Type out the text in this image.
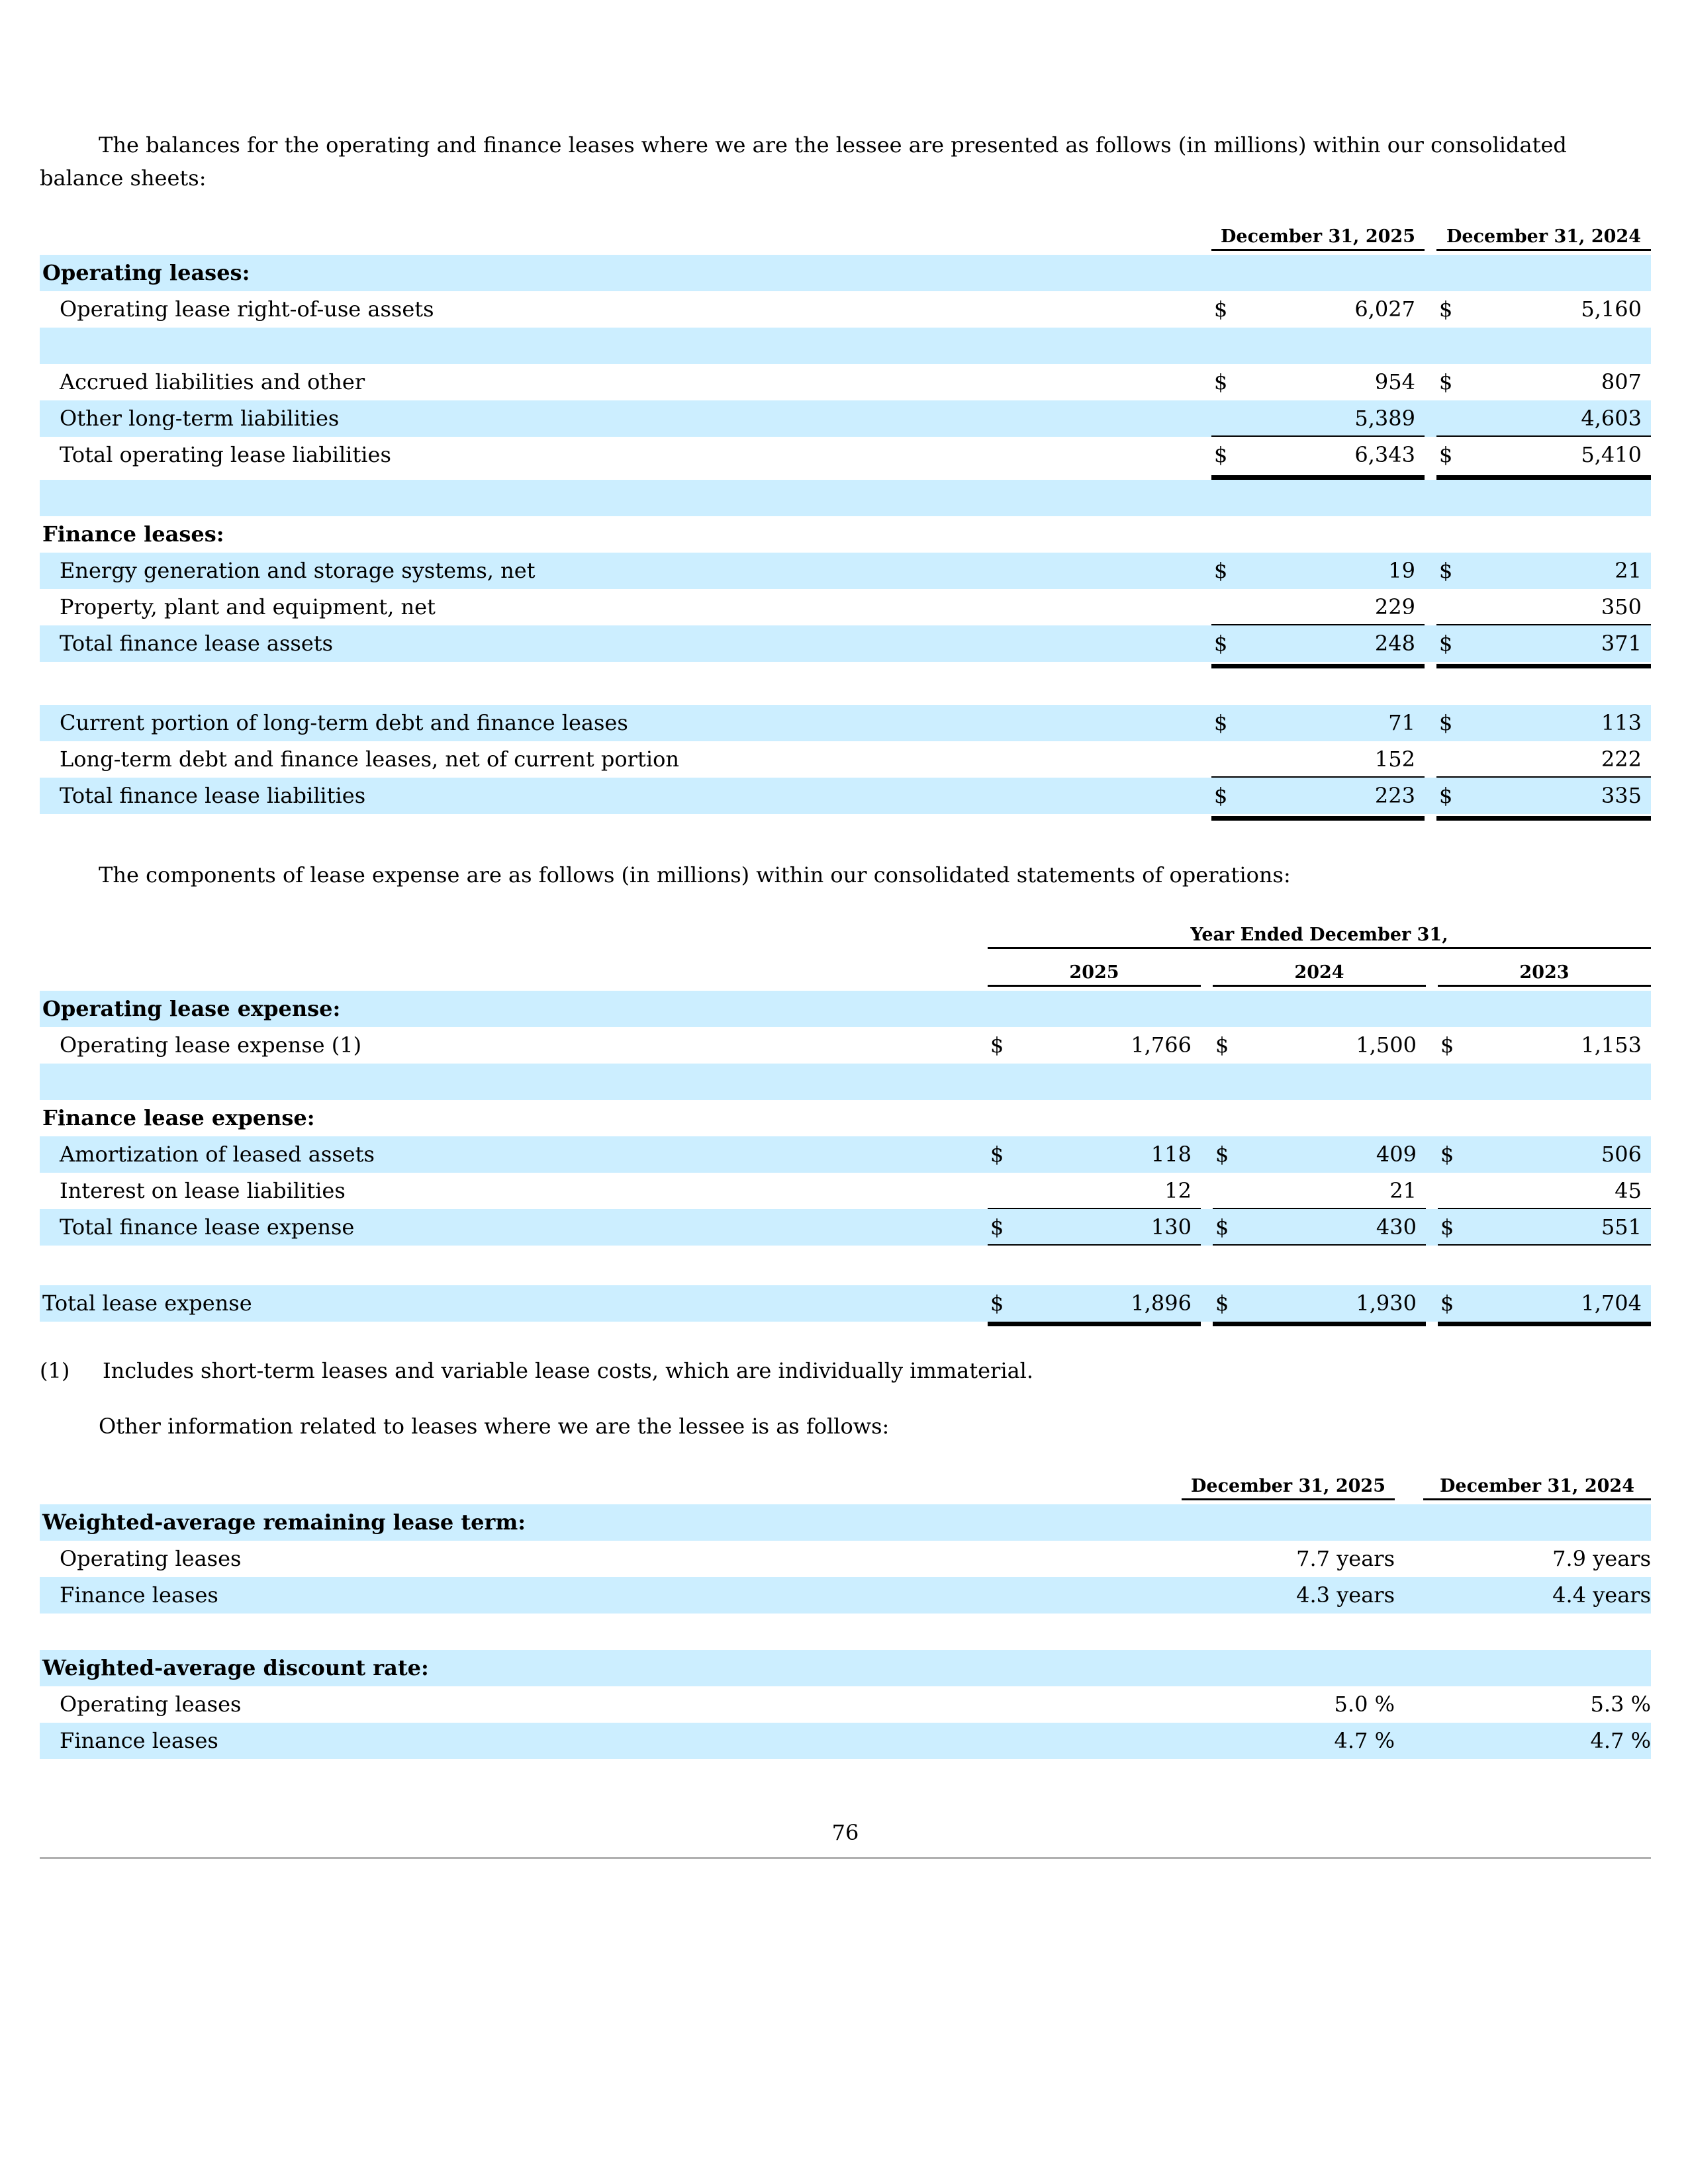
The balances for the operating and finance leases where we are the lessee are presented as follows (in millions) within our consolidated balance sheets:

December 31, 2025	December 31, 2024
Operating leases:
Operating lease right-of-use assets	$	6,027 $	5,160
Accrued liabilities and other	$	954 $	807
Other long-term liabilities	5,389	4,603
Total operating lease liabilities	$	6,343 $	5,410
Finance leases:
Energy generation and storage systems, net	$	19 $	21
Property, plant and equipment, net	229	350
Total finance lease assets	$	248 $	371
Current portion of long-term debt and finance leases	$	71 $	113
Long-term debt and finance leases, net of current portion	152	222
Total finance lease liabilities	$	223 $	335

The components of lease expense are as follows (in millions) within our consolidated statements of operations:

Year Ended December 31,
2025	2024	2023
Operating lease expense:
Operating lease expense (1)	$	1,766 $	1,500 $	1,153
Finance lease expense:
Amortization of leased assets	$	118 $	409 $	506
Interest on lease liabilities	12	21	45
Total finance lease expense	$	130 $	430 $	551
Total lease expense	$	1,896 $	1,930 $	1,704
(1) Includes short-term leases and variable lease costs, which are individually immaterial.

Other information related to leases where we are the lessee is as follows:

December 31, 2025	December 31, 2024
Weighted-average remaining lease term:
Operating leases	7.7 years	7.9 years
Finance leases	4.3 years	4.4 years
Weighted-average discount rate:
Operating leases	5.0 %	5.3 %
Finance leases	4.7 %	4.7 %
76
